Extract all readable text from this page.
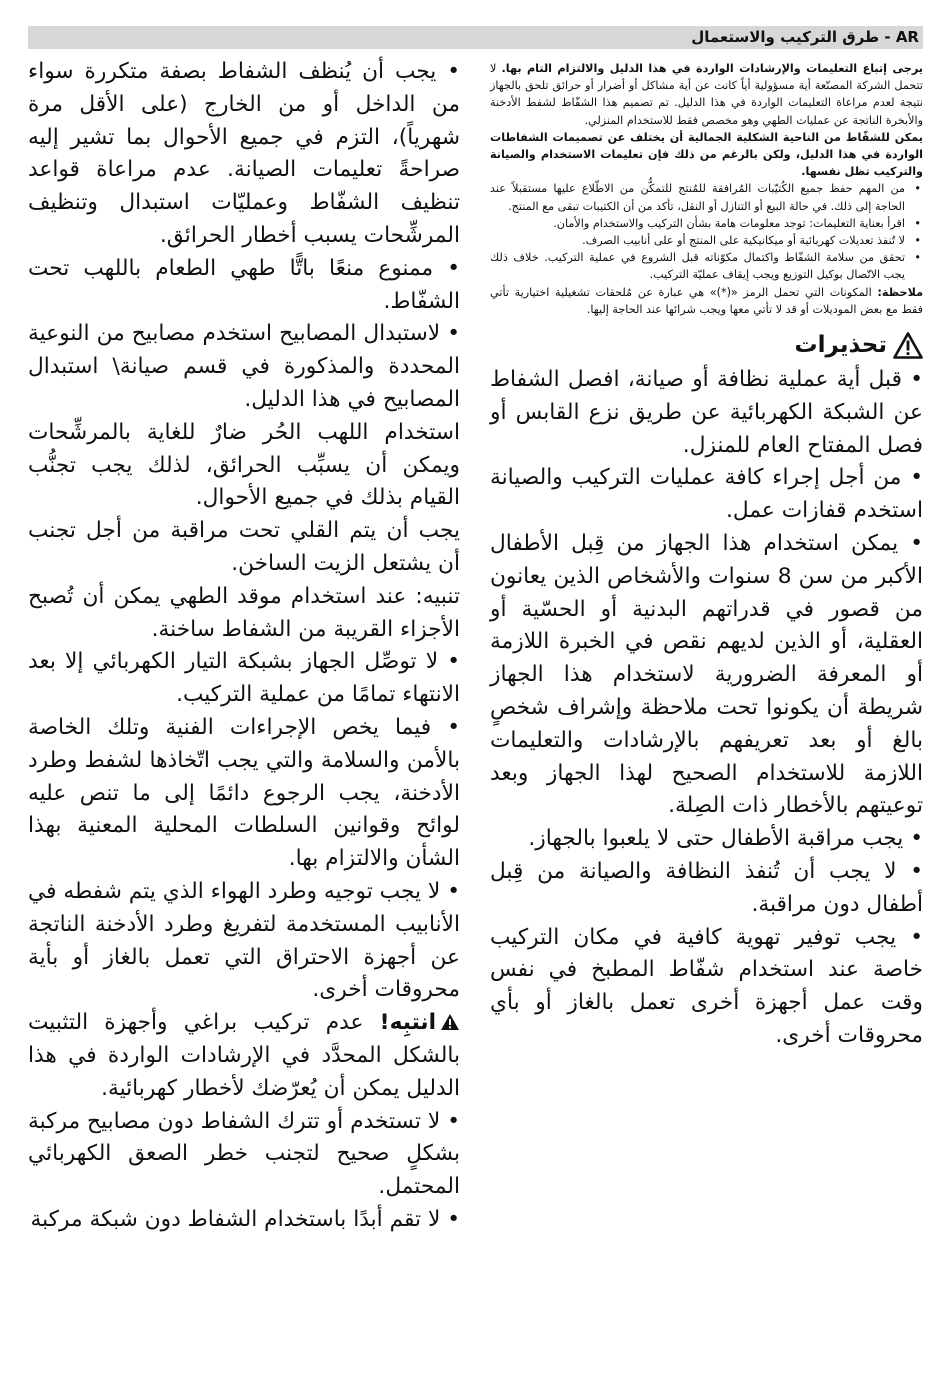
AR - طرق التركيب والاستعمال

يرجى إتباع التعليمات والإرشادات الواردة في هذا الدليل والالتزام التام بها. لا تتحمل الشركة المصنّعة أية مسؤولية أياً كانت عن أية مشاكل أو أضرار أو حرائق تلحق بالجهاز نتيجة لعدم مراعاة التعليمات الواردة في هذا الدليل. تم تصميم هذا الشفّاط لشفط الأدخنة والأبخرة الناتجة عن عمليات الطهي وهو مخصص فقط للاستخدام المنزلي.

يمكن للشفّاط من الناحية الشكلية الجمالية أن يختلف عن تصميمات الشفاطات الواردة في هذا الدليل، ولكن بالرغم من ذلك فإن تعليمات الاستخدام والصيانة والتركيب تظل نفسها.

• من المهم حفظ جميع الكُتيّبات المُرافقة للمُنتج للتمكُّن من الاطّلاع عليها مستقبلاً عند الحاجة إلى ذلك. في حالة البيع أو التنازل أو النقل، تأكد من أن الكتيبات تبقى مع المنتج.
• اقرأ بعناية التعليمات: توجد معلومات هامة بشأن التركيب والاستخدام والأمان.
• لا تُنفذ تعديلات كهربائية أو ميكانيكية على المنتج أو على أنابيب الصرف.
• تحقق من سلامة الشفّاط واكتمال مكوّناته قبل الشروع في عملية التركيب. خلاف ذلك يجب الاتّصال بوكيل التوزيع ويجب إيقاف عمليّة التركيب.

ملاحظة: المكونات التي تحمل الرمز «(*)» هي عبارة عن مُلحقات تشغيلية اختيارية تأتي فقط مع بعض الموديلات أو قد لا تأتي معها ويجب شرائها عند الحاجة إليها.

تحذيرات

• قبل أية عملية نظافة أو صيانة، افصل الشفاط عن الشبكة الكهربائية عن طريق نزع القابس أو فصل المفتاح العام للمنزل.

• من أجل إجراء كافة عمليات التركيب والصيانة استخدم قفازات عمل.

• يمكن استخدام هذا الجهاز من قِبل الأطفال الأكبر من سن 8 سنوات والأشخاص الذين يعانون من قصور في قدراتهم البدنية أو الحسّية أو العقلية، أو الذين لديهم نقص في الخبرة اللازمة أو المعرفة الضرورية لاستخدام هذا الجهاز شريطة أن يكونوا تحت ملاحظة وإشراف شخصٍ بالغ أو بعد تعريفهم بالإرشادات والتعليمات اللازمة للاستخدام الصحيح لهذا الجهاز وبعد توعيتهم بالأخطار ذات الصِلة.

• يجب مراقبة الأطفال حتى لا يلعبوا بالجهاز.

• لا يجب أن تُنفذ النظافة والصيانة من قِبل أطفال دون مراقبة.

• يجب توفير تهوية كافية في مكان التركيب خاصة عند استخدام شفّاط المطبخ في نفس وقت عمل أجهزة أخرى تعمل بالغاز أو بأي محروقات أخرى.

• يجب أن يُنظف الشفاط بصفة متكررة سواء من الداخل أو من الخارج (على الأقل مرة شهرياً)، التزم في جميع الأحوال بما تشير إليه صراحةً تعليمات الصيانة. عدم مراعاة قواعد تنظيف الشفّاط وعمليّات استبدال وتنظيف المرشِّحات يسبب أخطار الحرائق.

• ممنوع منعًا باتًّا طهي الطعام باللهب تحت الشفّاط.

• لاستبدال المصابيح استخدم مصابيح من النوعية المحددة والمذكورة في قسم صيانة\ استبدال المصابيح في هذا الدليل.

استخدام اللهب الحُر ضارٌ للغاية بالمرشِّحات ويمكن أن يسبِّب الحرائق، لذلك يجب تجنُّب القيام بذلك في جميع الأحوال.

يجب أن يتم القلي تحت مراقبة من أجل تجنب أن يشتعل الزيت الساخن.

تنبيه: عند استخدام موقد الطهي يمكن أن تُصبح الأجزاء القريبة من الشفاط ساخنة.

• لا توصِّل الجهاز بشبكة التيار الكهربائي إلا بعد الانتهاء تمامًا من عملية التركيب.

• فيما يخص الإجراءات الفنية وتلك الخاصة بالأمن والسلامة والتي يجب اتّخاذها لشفط وطرد الأدخنة، يجب الرجوع دائمًا إلى ما تنص عليه لوائح وقوانين السلطات المحلية المعنية بهذا الشأن والالتزام بها.

• لا يجب توجيه وطرد الهواء الذي يتم شفطه في الأنابيب المستخدمة لتفريغ وطرد الأدخنة الناتجة عن أجهزة الاحتراق التي تعمل بالغاز أو بأية محروقات أخرى.

انتبِه! عدم تركيب براغي وأجهزة التثبيت بالشكل المحدَّد في الإرشادات الواردة في هذا الدليل يمكن أن يُعرّضك لأخطار كهربائية.

• لا تستخدم أو تترك الشفاط دون مصابيح مركبة بشكلٍ صحيح لتجنب خطر الصعق الكهربائي المحتمل.

• لا تقم أبدًا باستخدام الشفاط دون شبكة مركبة
